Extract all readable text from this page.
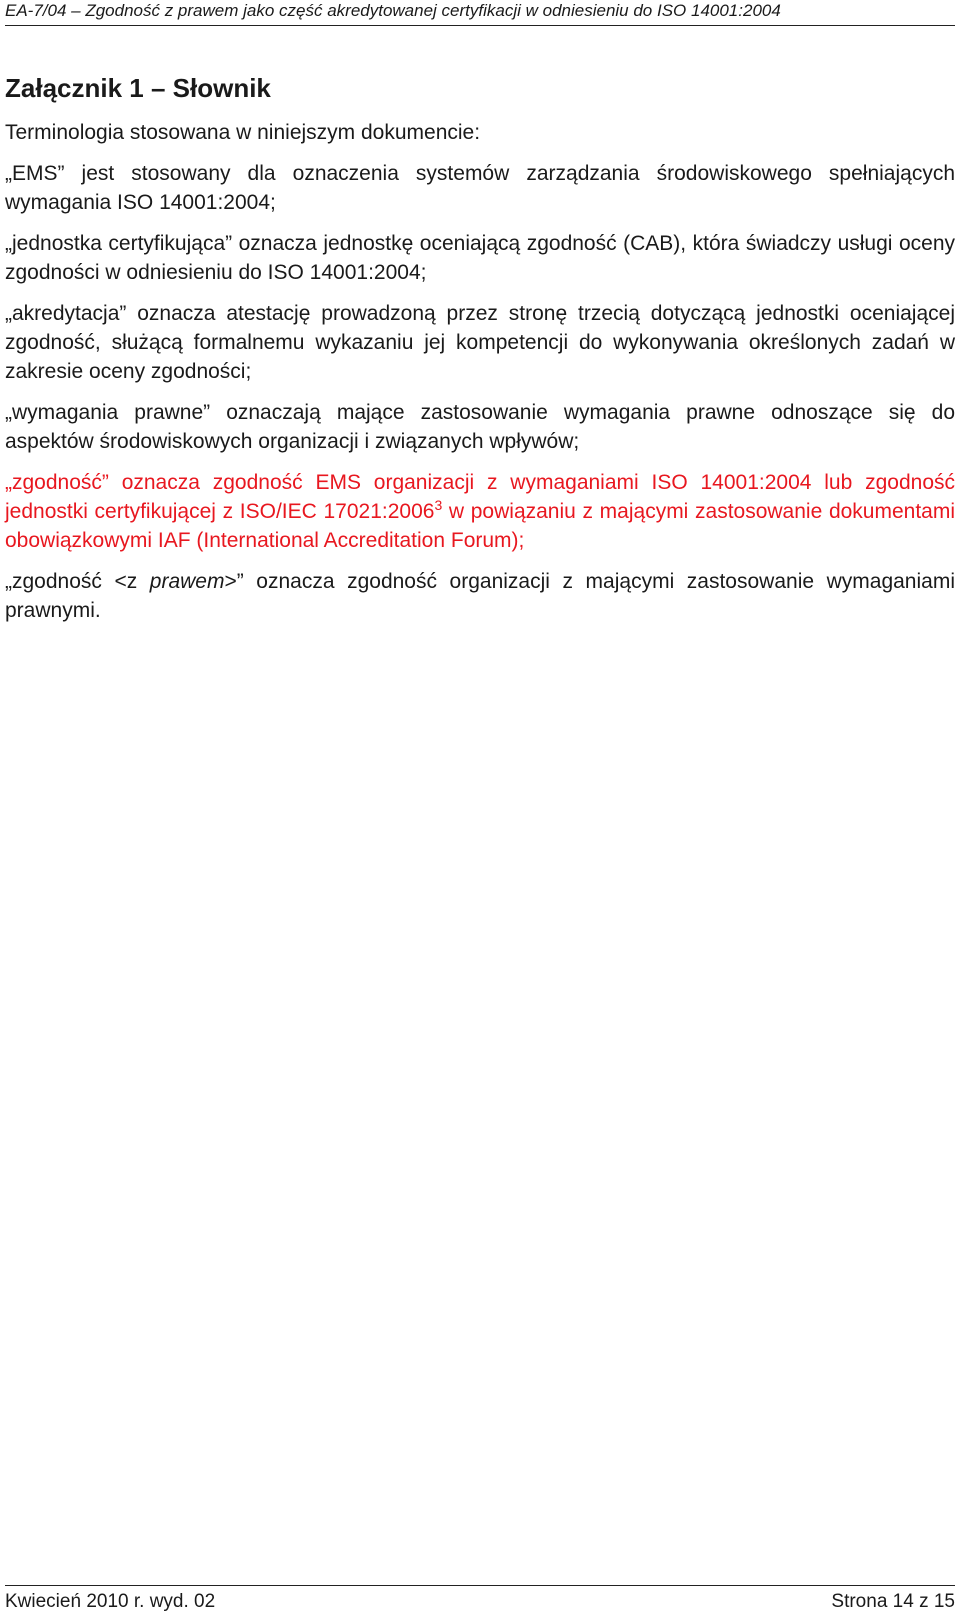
EA-7/04 – Zgodność z prawem jako część akredytowanej certyfikacji w odniesieniu do ISO 14001:2004
Załącznik 1 – Słownik

Terminologia stosowana w niniejszym dokumencie:

„EMS” jest stosowany dla oznaczenia systemów zarządzania środowiskowego spełniających wymagania ISO 14001:2004;

„jednostka certyfikująca” oznacza jednostkę oceniającą zgodność (CAB), która świadczy usługi oceny zgodności w odniesieniu do ISO 14001:2004;

„akredytacja” oznacza atestację prowadzoną przez stronę trzecią dotyczącą jednostki oceniającej zgodność, służącą formalnemu wykazaniu jej kompetencji do wykonywania określonych zadań w zakresie oceny zgodności;

„wymagania prawne” oznaczają mające zastosowanie wymagania prawne odnoszące się do aspektów środowiskowych organizacji i związanych wpływów;

„zgodność” oznacza zgodność EMS organizacji z wymaganiami ISO 14001:2004 lub zgodność jednostki certyfikującej z ISO/IEC 17021:2006$^3$ w powiązaniu z mającymi zastosowanie dokumentami obowiązkowymi IAF (International Accreditation Forum);

„zgodność <z prawem>” oznacza zgodność organizacji z mającymi zastosowanie wymaganiami prawnymi.

Kwiecień 2010 r. wyd. 02	Strona 14 z 15
